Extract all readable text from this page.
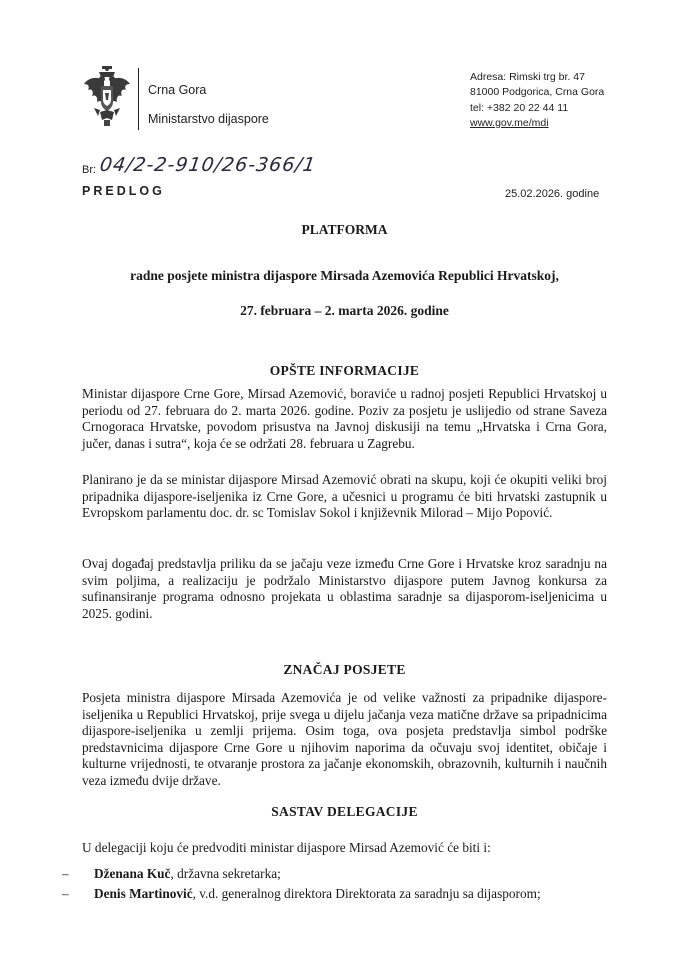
Crna Gora
Ministarstvo dijaspore
Adresa: Rimski trg br. 47
81000 Podgorica, Crna Gora
tel: +382 20 22 44 11
www.gov.me/mdi
Br: 04/2-2-910/26-366/1
PREDLOG	25.02.2026. godine
PLATFORMA
radne posjete ministra dijaspore Mirsada Azemovića Republici Hrvatskoj,
27. februara – 2. marta 2026. godine
OPŠTE INFORMACIJE
Ministar dijaspore Crne Gore, Mirsad Azemović, boraviće u radnoj posjeti Republici Hrvatskoj u periodu od 27. februara do 2. marta 2026. godine. Poziv za posjetu je uslijedio od strane Saveza Crnogoraca Hrvatske, povodom prisustva na Javnoj diskusiji na temu „Hrvatska i Crna Gora, jučer, danas i sutra“, koja će se održati 28. februara u Zagrebu.
Planirano je da se ministar dijaspore Mirsad Azemović obrati na skupu, koji će okupiti veliki broj pripadnika dijaspore-iseljenika iz Crne Gore, a učesnici u programu će biti hrvatski zastupnik u Evropskom parlamentu doc. dr. sc Tomislav Sokol i književnik Milorad – Mijo Popović.
Ovaj događaj predstavlja priliku da se jačaju veze između Crne Gore i Hrvatske kroz saradnju na svim poljima, a realizaciju je podržalo Ministarstvo dijaspore putem Javnog konkursa za sufinansiranje programa odnosno projekata u oblastima saradnje sa dijasporom-iseljenicima u 2025. godini.
ZNAČAJ POSJETE
Posjeta ministra dijaspore Mirsada Azemovića je od velike važnosti za pripadnike dijaspore-iseljenika u Republici Hrvatskoj, prije svega u dijelu jačanja veza matične države sa pripadnicima dijaspore-iseljenika u zemlji prijema. Osim toga, ova posjeta predstavlja simbol podrške predstavnicima dijaspore Crne Gore u njihovim naporima da očuvaju svoj identitet, običaje i kulturne vrijednosti, te otvaranje prostora za jačanje ekonomskih, obrazovnih, kulturnih i naučnih veza između dvije države.
SASTAV DELEGACIJE
U delegaciji koju će predvoditi ministar dijaspore Mirsad Azemović će biti i:
– Dženana Kuč, državna sekretarka;
– Denis Martinović, v.d. generalnog direktora Direktorata za saradnju sa dijasporom;
